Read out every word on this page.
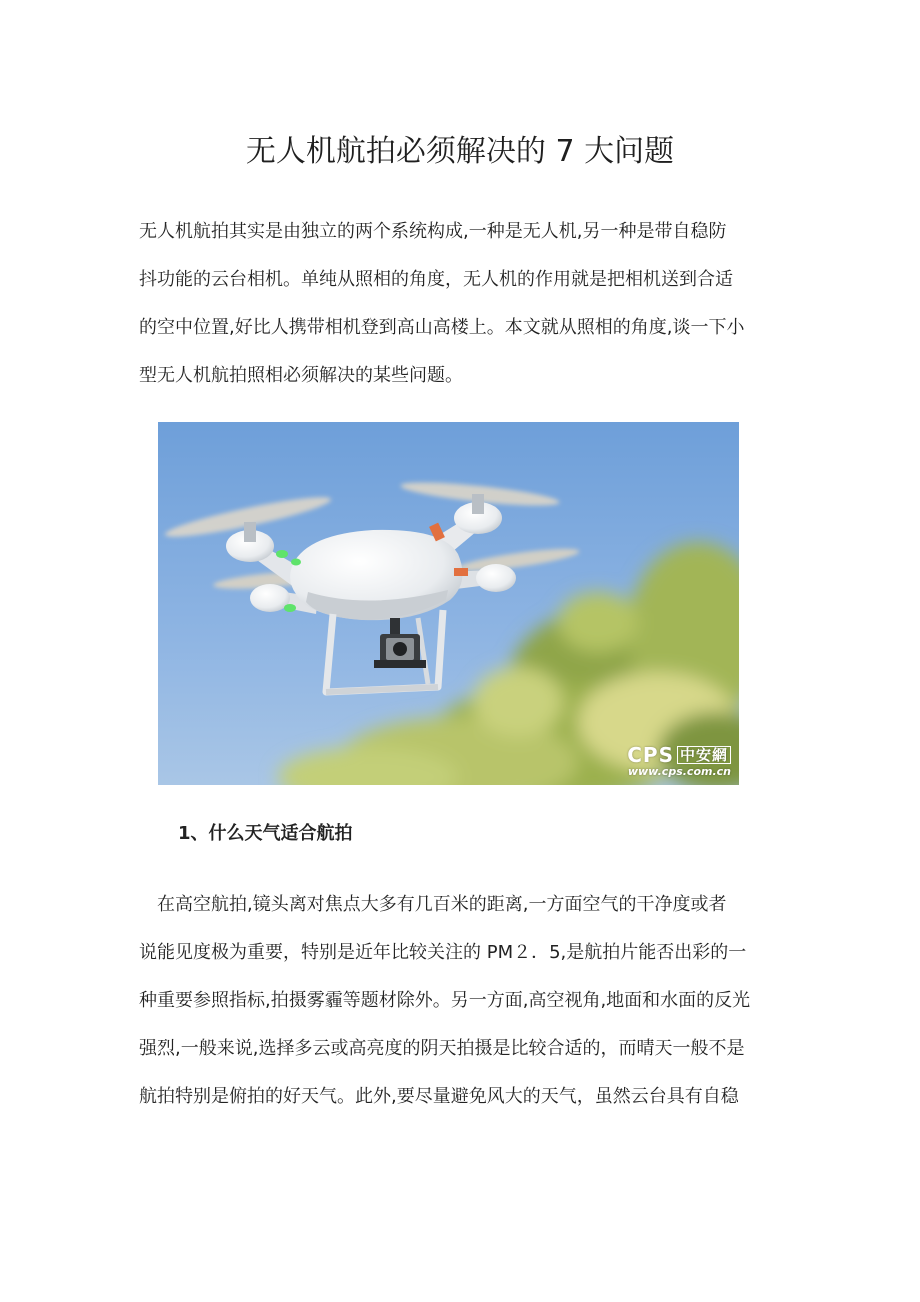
无人机航拍必须解决的 7 大问题
无人机航拍其实是由独立的两个系统构成,一种是无人机,另一种是带自稳防
抖功能的云台相机。单纯从照相的角度，无人机的作用就是把相机送到合适
的空中位置,好比人携带相机登到高山高楼上。本文就从照相的角度,谈一下小
型无人机航拍照相必须解决的某些问题。
CPS 中安網
www.cps.com.cn
1、什么天气适合航拍
　在高空航拍,镜头离对焦点大多有几百米的距离,一方面空气的干净度或者
说能见度极为重要，特别是近年比较关注的 PM２．5,是航拍片能否出彩的一
种重要参照指标,拍摄雾霾等题材除外。另一方面,高空视角,地面和水面的反光
强烈,一般来说,选择多云或高亮度的阴天拍摄是比较合适的，而晴天一般不是
航拍特别是俯拍的好天气。此外,要尽量避免风大的天气，虽然云台具有自稳
